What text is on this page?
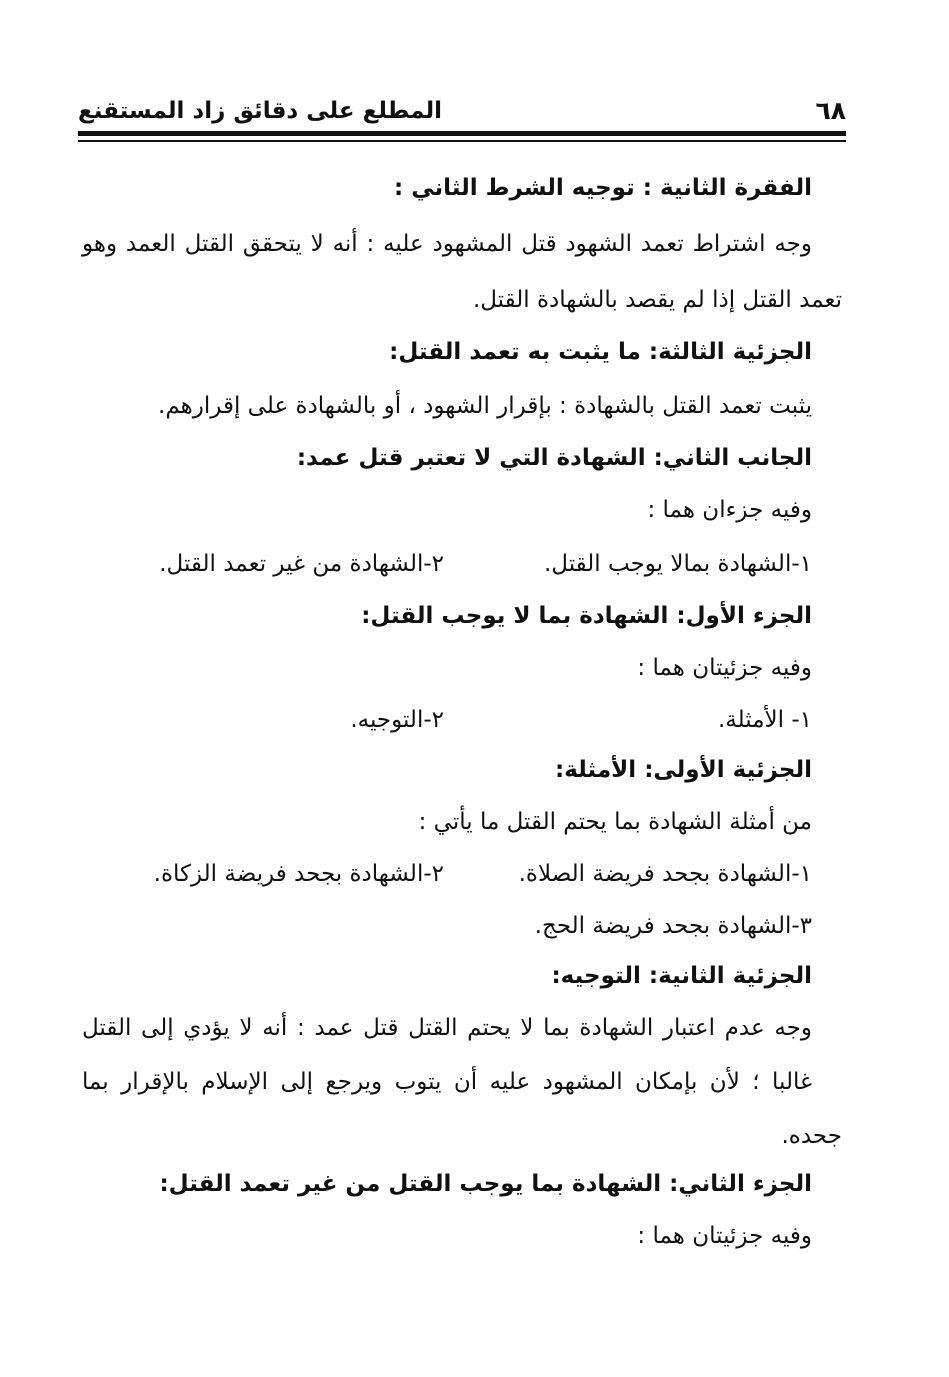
٦٨
المطلع على دقائق زاد المستقنع
الفقرة الثانية : توجيه الشرط الثاني :
وجه اشتراط تعمد الشهود قتل المشهود عليه : أنه لا يتحقق القتل العمد وهو
تعمد القتل إذا لم يقصد بالشهادة القتل.
الجزئية الثالثة: ما يثبت به تعمد القتل:
يثبت تعمد القتل بالشهادة : بإقرار الشهود ، أو بالشهادة على إقرارهم.
الجانب الثاني: الشهادة التي لا تعتبر قتل عمد:
وفيه جزءان هما :
١-الشهادة بمالا يوجب القتل.
٢-الشهادة من غير تعمد القتل.
الجزء الأول: الشهادة بما لا يوجب القتل:
وفيه جزئيتان هما :
١- الأمثلة.
٢-التوجيه.
الجزئية الأولى: الأمثلة:
من أمثلة الشهادة بما يحتم القتل ما يأتي :
١-الشهادة بجحد فريضة الصلاة.
٢-الشهادة بجحد فريضة الزكاة.
٣-الشهادة بجحد فريضة الحج.
الجزئية الثانية: التوجيه:
وجه عدم اعتبار الشهادة بما لا يحتم القتل قتل عمد : أنه لا يؤدي إلى القتل
غالبا ؛ لأن بإمكان المشهود عليه أن يتوب ويرجع إلى الإسلام بالإقرار بما
جحده.
الجزء الثاني: الشهادة بما يوجب القتل من غير تعمد القتل:
وفيه جزئيتان هما :
